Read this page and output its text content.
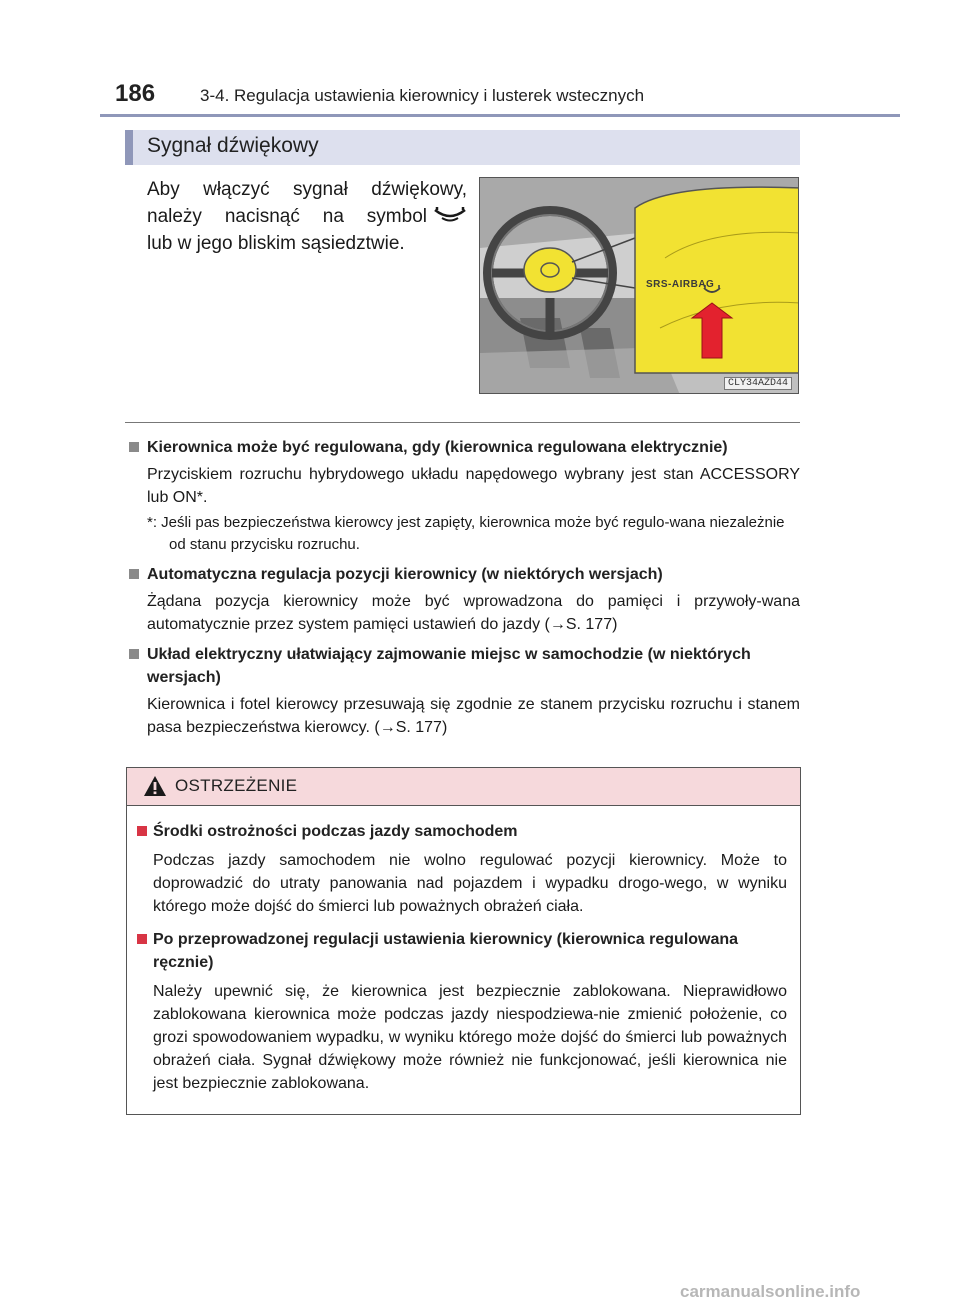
186	3-4. Regulacja ustawienia kierownicy i lusterek wstecznych
Sygnał dźwiękowy
Aby włączyć sygnał dźwiękowy,
należy nacisnąć na symbol
lub w jego bliskim sąsiedztwie.
SRS-AIRBAG
CLY34AZD44
Kierownica może być regulowana, gdy (kierownica regulowana elektrycznie)
Przyciskiem rozruchu hybrydowego układu napędowego wybrany jest stan ACCESSORY lub ON*.
*: Jeśli pas bezpieczeństwa kierowcy jest zapięty, kierownica może być regulo-wana niezależnie od stanu przycisku rozruchu.
Automatyczna regulacja pozycji kierownicy (w niektórych wersjach)
Żądana pozycja kierownicy może być wprowadzona do pamięci i przywoły-wana automatycznie przez system pamięci ustawień do jazdy (→S. 177)
Układ elektryczny ułatwiający zajmowanie miejsc w samochodzie (w niektórych wersjach)
Kierownica i fotel kierowcy przesuwają się zgodnie ze stanem przycisku rozruchu i stanem pasa bezpieczeństwa kierowcy. (→S. 177)
OSTRZEŻENIE
Środki ostrożności podczas jazdy samochodem
Podczas jazdy samochodem nie wolno regulować pozycji kierownicy. Może to doprowadzić do utraty panowania nad pojazdem i wypadku drogo-wego, w wyniku którego może dojść do śmierci lub poważnych obrażeń ciała.
Po przeprowadzonej regulacji ustawienia kierownicy (kierownica regulowana ręcznie)
Należy upewnić się, że kierownica jest bezpiecznie zablokowana. Nieprawidłowo zablokowana kierownica może podczas jazdy niespodziewa-nie zmienić położenie, co grozi spowodowaniem wypadku, w wyniku którego może dojść do śmierci lub poważnych obrażeń ciała. Sygnał dźwiękowy może również nie funkcjonować, jeśli kierownica nie jest bezpiecznie zablokowana.
carmanualsonline.info
